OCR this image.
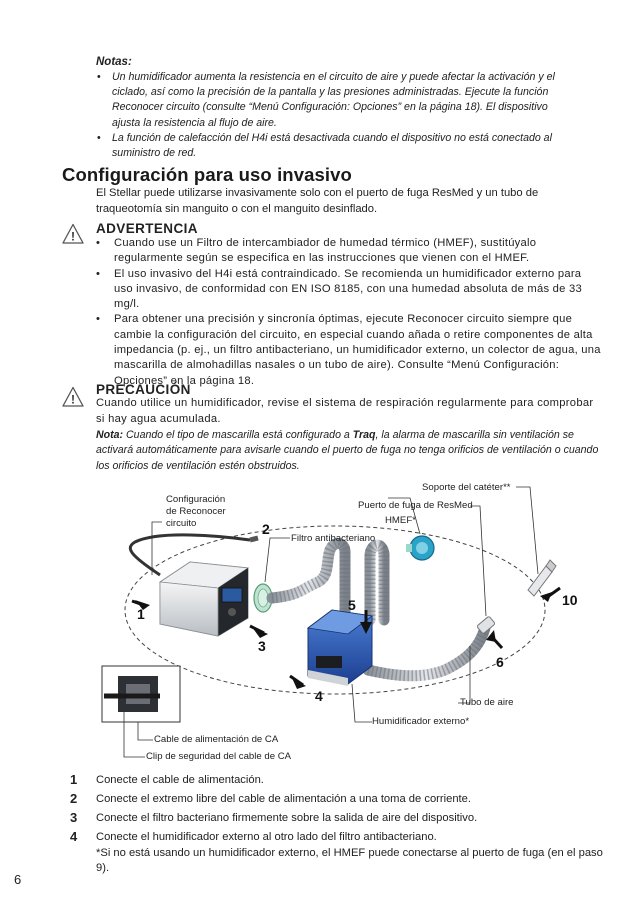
Notas:
• Un humidificador aumenta la resistencia en el circuito de aire y puede afectar la activación y el ciclado, así como la precisión de la pantalla y las presiones administradas. Ejecute la función Reconocer circuito (consulte “Menú Configuración: Opciones” en la página 18). El dispositivo ajusta la resistencia al flujo de aire.
• La función de calefacción del H4i está desactivada cuando el dispositivo no está conectado al suministro de red.
Configuración para uso invasivo
El Stellar puede utilizarse invasivamente solo con el puerto de fuga ResMed y un tubo de traqueotomía sin manguito o con el manguito desinflado.
!
ADVERTENCIA
• Cuando use un Filtro de intercambiador de humedad térmico (HMEF), sustitúyalo regularmente según se especifica en las instrucciones que vienen con el HMEF.
• El uso invasivo del H4i está contraindicado. Se recomienda un humidificador externo para uso invasivo, de conformidad con EN ISO 8185, con una humedad absoluta de más de 33 mg/l.
• Para obtener una precisión y sincronía óptimas, ejecute Reconocer circuito siempre que cambie la configuración del circuito, en especial cuando añada o retire componentes de alta impedancia (p. ej., un filtro antibacteriano, un humidificador externo, un colector de agua, una mascarilla de almohadillas nasales o un tubo de aire). Consulte “Menú Configuración: Opciones” en la página 18.
!
PRECAUCIÓN
Cuando utilice un humidificador, revise el sistema de respiración regularmente para comprobar si hay agua acumulada.
Nota: Cuando el tipo de mascarilla está configurado a Traq, la alarma de mascarilla sin ventilación se activará automáticamente para avisarle cuando el puerto de fuga no tenga orificios de ventilación o cuando los orificios de ventilación estén obstruidos.
Configuración
de Reconocer
circuito
Filtro antibacteriano
Soporte del catéter**
Puerto de fuga de ResMed
HMEF*
Tubo de aire
Humidificador externo*
Cable de alimentación de CA
Clip de seguridad del cable de CA
1
2
3
4
5
6
10
1 Conecte el cable de alimentación.
2 Conecte el extremo libre del cable de alimentación a una toma de corriente.
3 Conecte el filtro bacteriano firmemente sobre la salida de aire del dispositivo.
4 Conecte el humidificador externo al otro lado del filtro antibacteriano.
*Si no está usando un humidificador externo, el HMEF puede conectarse al puerto de fuga (en el paso 9).
6
